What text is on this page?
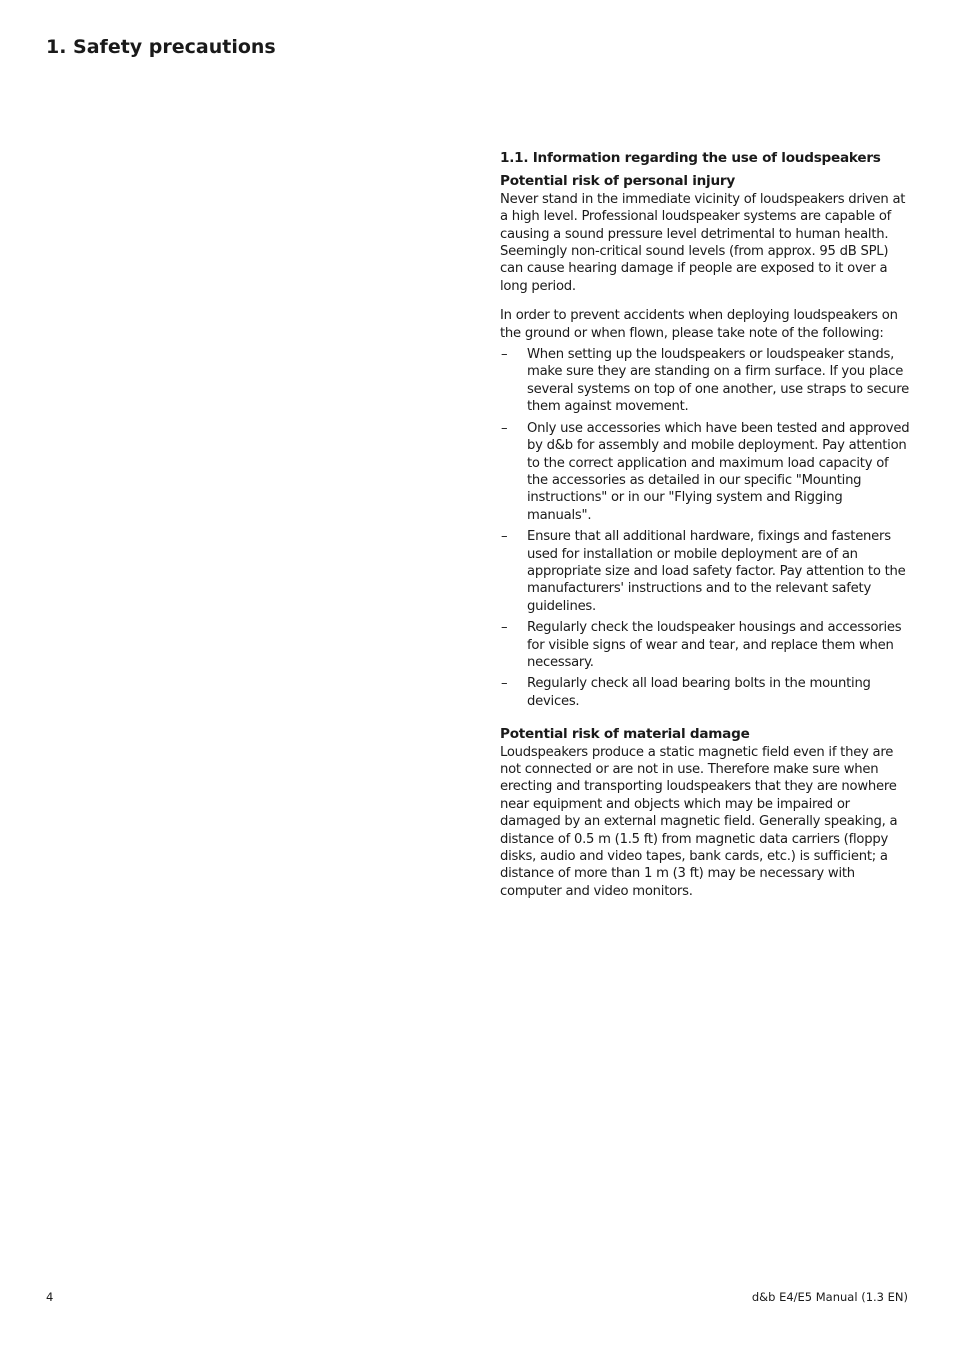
1. Safety precautions
1.1. Information regarding the use of loudspeakers
Potential risk of personal injury

Never stand in the immediate vicinity of loudspeakers driven at a high level. Professional loudspeaker systems are capable of causing a sound pressure level detrimental to human health. Seemingly non-critical sound levels (from approx. 95 dB SPL) can cause hearing damage if people are exposed to it over a long period.

In order to prevent accidents when deploying loudspeakers on the ground or when flown, please take note of the following:

– When setting up the loudspeakers or loudspeaker stands, make sure they are standing on a firm surface. If you place several systems on top of one another, use straps to secure them against movement.
– Only use accessories which have been tested and approved by d&b for assembly and mobile deployment. Pay attention to the correct application and maximum load capacity of the accessories as detailed in our specific "Mounting instructions" or in our "Flying system and Rigging manuals".
– Ensure that all additional hardware, fixings and fasteners used for installation or mobile deployment are of an appropriate size and load safety factor. Pay attention to the manufacturers' instructions and to the relevant safety guidelines.
– Regularly check the loudspeaker housings and accessories for visible signs of wear and tear, and replace them when necessary.
– Regularly check all load bearing bolts in the mounting devices.
Potential risk of material damage

Loudspeakers produce a static magnetic field even if they are not connected or are not in use. Therefore make sure when erecting and transporting loudspeakers that they are nowhere near equipment and objects which may be impaired or damaged by an external magnetic field. Generally speaking, a distance of 0.5 m (1.5 ft) from magnetic data carriers (floppy disks, audio and video tapes, bank cards, etc.) is sufficient; a distance of more than 1 m (3 ft) may be necessary with computer and video monitors.

4	d&b E4/E5 Manual (1.3 EN)
